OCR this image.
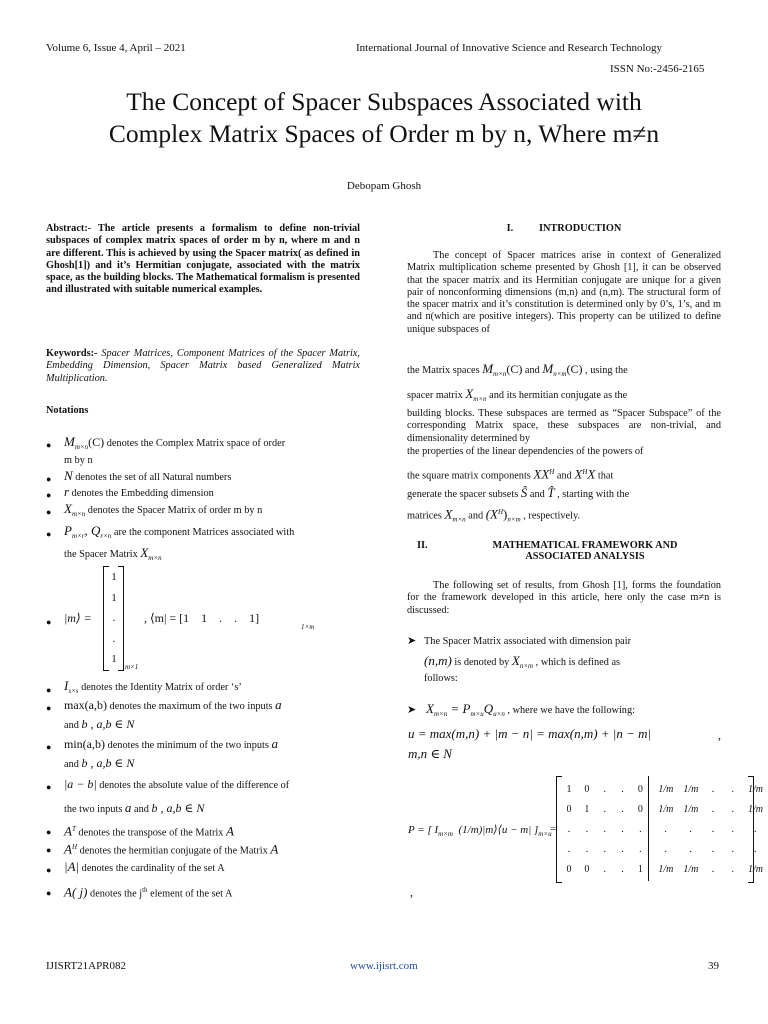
Volume 6, Issue 4, April – 2021	International Journal of Innovative Science and Research Technology
ISSN No:-2456-2165
The Concept of Spacer Subspaces Associated with
Complex Matrix Spaces of Order m by n, Where m≠n
Debopam Ghosh
Abstract:- The article presents a formalism to define non-trivial subspaces of complex matrix spaces of order m by n, where m and n are different. This is achieved by using the Spacer matrix( as defined in Ghosh[1]) and it’s Hermitian conjugate, associated with the matrix space, as the building blocks. The Mathematical formalism is presented and illustrated with suitable numerical examples.
Keywords:- Spacer Matrices, Component Matrices of the Spacer Matrix, Embedding Dimension, Spacer Matrix based Generalized Matrix Multiplication.
Notations
● $M_{m\times n}(C)$ denotes the Complex Matrix space of order
m by n
● N denotes the set of all Natural numbers
● r denotes the Embedding dimension
● $X_{m\times n}$ denotes the Spacer Matrix of order m by n
● $P_{m\times r}$, $Q_{r\times n}$ are the component Matrices associated with
the Spacer Matrix $X_{m\times n}$
● |m⟩ =
1
1
.
.
1
m×1
, ⟨m| = [1    1    .    .    1]
1×m
● $I_{s\times s}$ denotes the Identity Matrix of order ‘s’
● max(a,b) denotes the maximum of the two inputs a
and b , a,b ∈ N
● min(a,b) denotes the minimum of the two inputs a
and b , a,b ∈ N
● |a − b| denotes the absolute value of the difference of
the two inputs a and b , a,b ∈ N
● $A^T$ denotes the transpose of the Matrix A
● $A^H$ denotes the hermitian conjugate of the Matrix A
● |A| denotes the cardinality of the set A
● A( j) denotes the $j^{th}$ element of the set A
I.	INTRODUCTION
The concept of Spacer matrices arise in context of Generalized Matrix multiplication scheme presented by Ghosh [1], it can be observed that the spacer matrix and its Hermitian conjugate are unique for a given pair of nonconforming dimensions (m,n) and (n,m). The structural form of the spacer matrix and it’s constitution is determined only by 0’s, 1’s, and m and n(which are positive integers). This property can be utilized to define unique subspaces of
the Matrix spaces $M_{m\times n}(C)$ and $M_{n\times m}(C)$ , using the
spacer matrix $X_{m\times n}$ and its hermitian conjugate as the
building blocks. These subspaces are termed as “Spacer Subspace” of the corresponding Matrix space, these subspaces are non-trivial, and dimensionality determined by
the properties of the linear dependencies of the powers of
the square matrix components $XX^H$ and $X^HX$ that
generate the spacer subsets Ŝ and T̂ , starting with the
matrices $X_{m\times n}$ and $(X^H)_{n\times m}$ , respectively.
II.	MATHEMATICAL FRAMEWORK AND
ASSOCIATED ANALYSIS
The following set of results, from Ghosh [1], forms the foundation for the framework developed in this article, here only the case m≠n is discussed:
➤ The Spacer Matrix associated with dimension pair
(n,m) is denoted by $X_{n\times m}$ , which is defined as
follows:
➤ $X_{m\times n} = P_{m\times u}Q_{u\times n}$ , where we have the following:
u = max(m,n) + |m − n| = max(n,m) + |n − m|	,
m,n ∈ N
P = [ $I_{m\times m}$ (1/m)|m⟩⟨u − m| ]$_{m\times u}$
=
1	0	.	.	0	1/m	1/m	.	.	1/m
0	1	.	.	0	1/m	1/m	.	.	1/m
.	.	.	.	.	.	.	.	.	.
.	.	.	.	.	.	.	.	.	.
0	0	.	.	1	1/m	1/m	.	.	1/m
,
IJISRT21APR082	www.ijisrt.com	39
